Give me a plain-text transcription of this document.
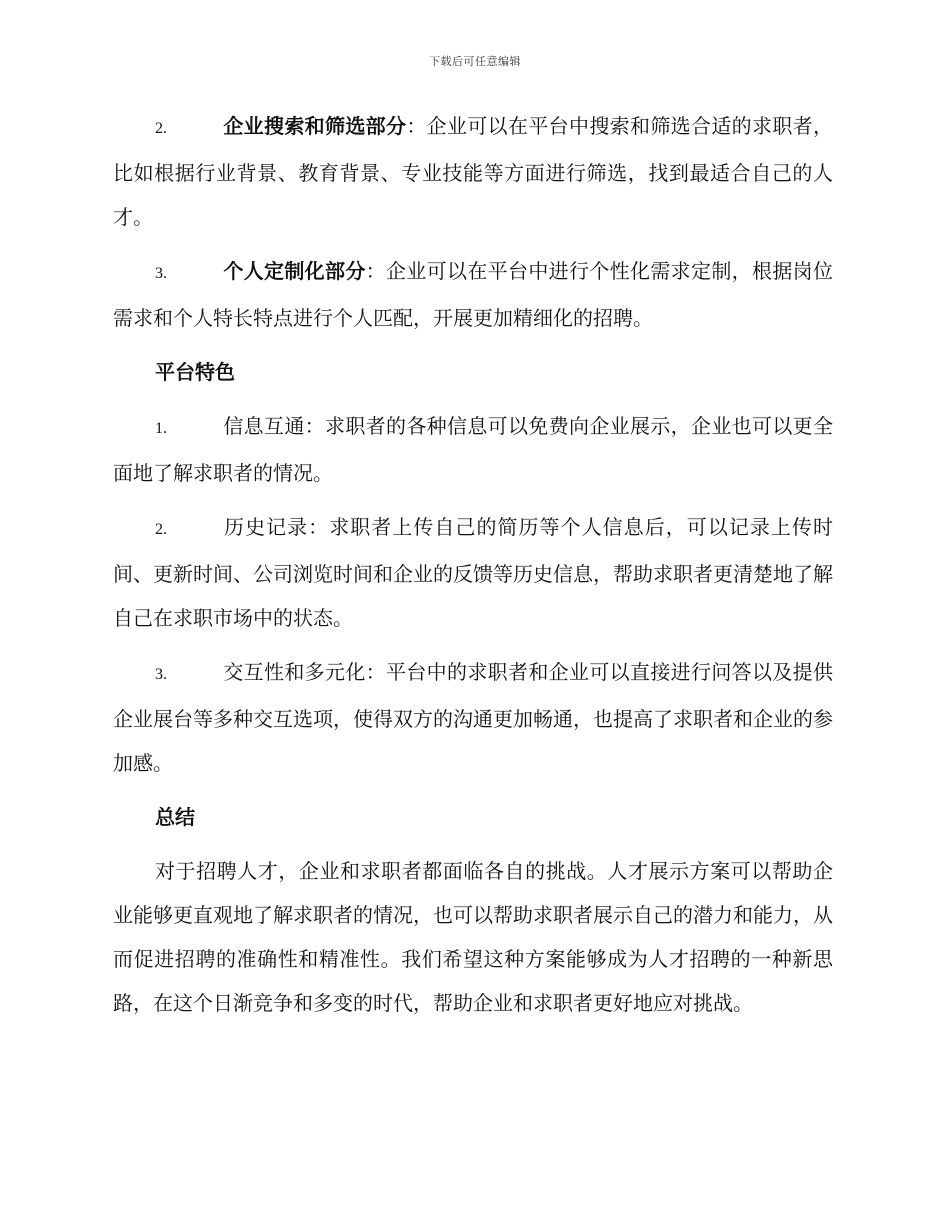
下载后可任意编辑

2.	企业搜索和筛选部分：企业可以在平台中搜索和筛选合适的求职者，比如根据行业背景、教育背景、专业技能等方面进行筛选，找到最适合自己的人才。

3.	个人定制化部分：企业可以在平台中进行个性化需求定制，根据岗位需求和个人特长特点进行个人匹配，开展更加精细化的招聘。

平台特色

1.	信息互通：求职者的各种信息可以免费向企业展示，企业也可以更全面地了解求职者的情况。

2.	历史记录：求职者上传自己的简历等个人信息后，可以记录上传时间、更新时间、公司浏览时间和企业的反馈等历史信息，帮助求职者更清楚地了解自己在求职市场中的状态。

3.	交互性和多元化：平台中的求职者和企业可以直接进行问答以及提供企业展台等多种交互选项，使得双方的沟通更加畅通，也提高了求职者和企业的参加感。

总结

对于招聘人才，企业和求职者都面临各自的挑战。人才展示方案可以帮助企业能够更直观地了解求职者的情况，也可以帮助求职者展示自己的潜力和能力，从而促进招聘的准确性和精准性。我们希望这种方案能够成为人才招聘的一种新思路，在这个日渐竞争和多变的时代，帮助企业和求职者更好地应对挑战。
